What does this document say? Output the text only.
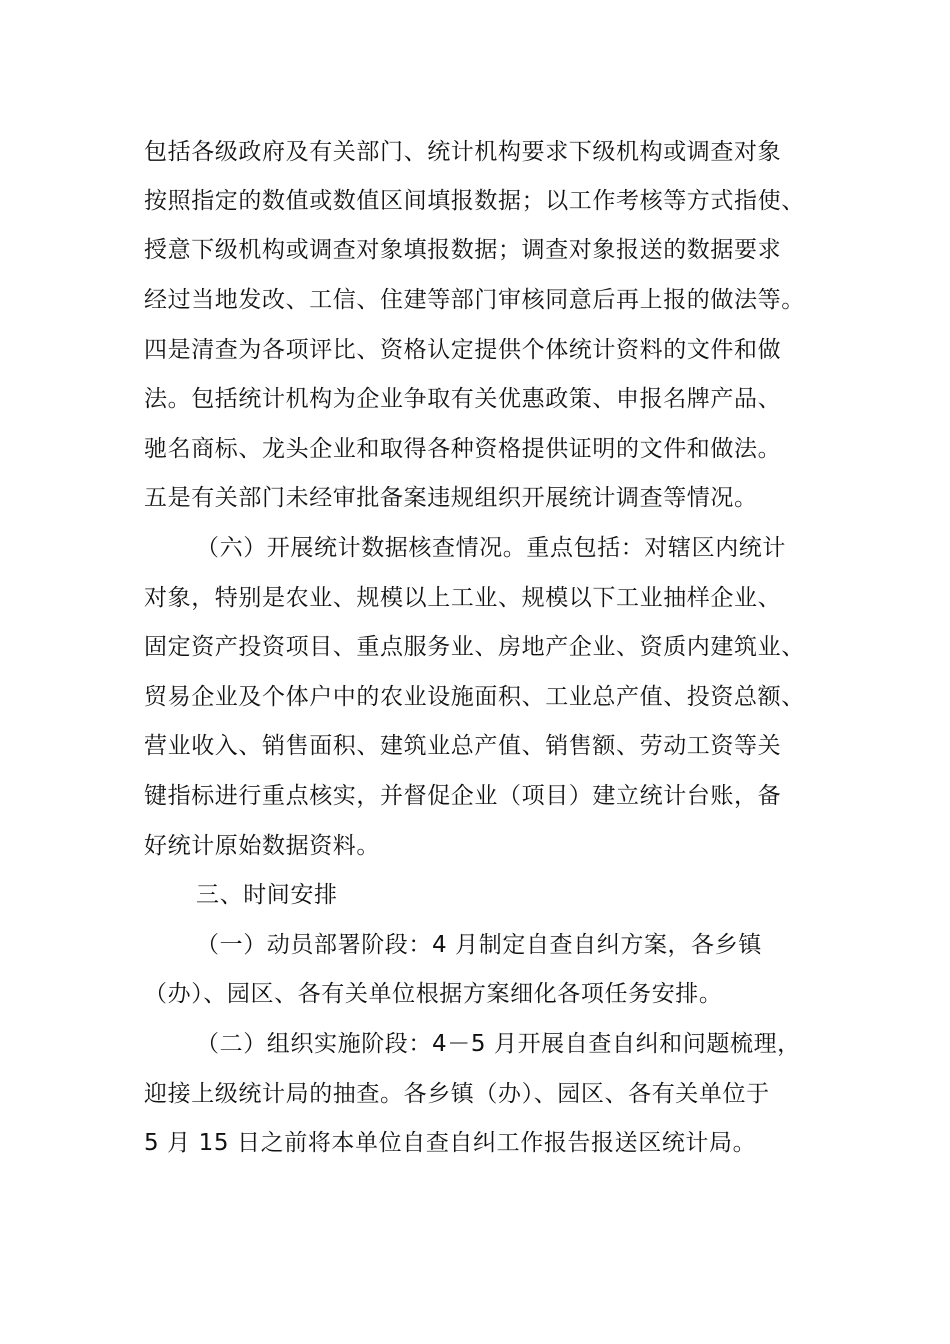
包括各级政府及有关部门、统计机构要求下级机构或调查对象
按照指定的数值或数值区间填报数据；以工作考核等方式指使、
授意下级机构或调查对象填报数据；调查对象报送的数据要求
经过当地发改、工信、住建等部门审核同意后再上报的做法等。
四是清查为各项评比、资格认定提供个体统计资料的文件和做
法。包括统计机构为企业争取有关优惠政策、申报名牌产品、
驰名商标、龙头企业和取得各种资格提供证明的文件和做法。
五是有关部门未经审批备案违规组织开展统计调查等情况。
（六）开展统计数据核查情况。重点包括：对辖区内统计
对象，特别是农业、规模以上工业、规模以下工业抽样企业、
固定资产投资项目、重点服务业、房地产企业、资质内建筑业、
贸易企业及个体户中的农业设施面积、工业总产值、投资总额、
营业收入、销售面积、建筑业总产值、销售额、劳动工资等关
键指标进行重点核实，并督促企业（项目）建立统计台账，备
好统计原始数据资料。
三、时间安排
（一）动员部署阶段：4 月制定自查自纠方案，各乡镇
（办）、园区、各有关单位根据方案细化各项任务安排。
（二）组织实施阶段：4－5 月开展自查自纠和问题梳理，
迎接上级统计局的抽查。各乡镇（办）、园区、各有关单位于
5 月 15 日之前将本单位自查自纠工作报告报送区统计局。
